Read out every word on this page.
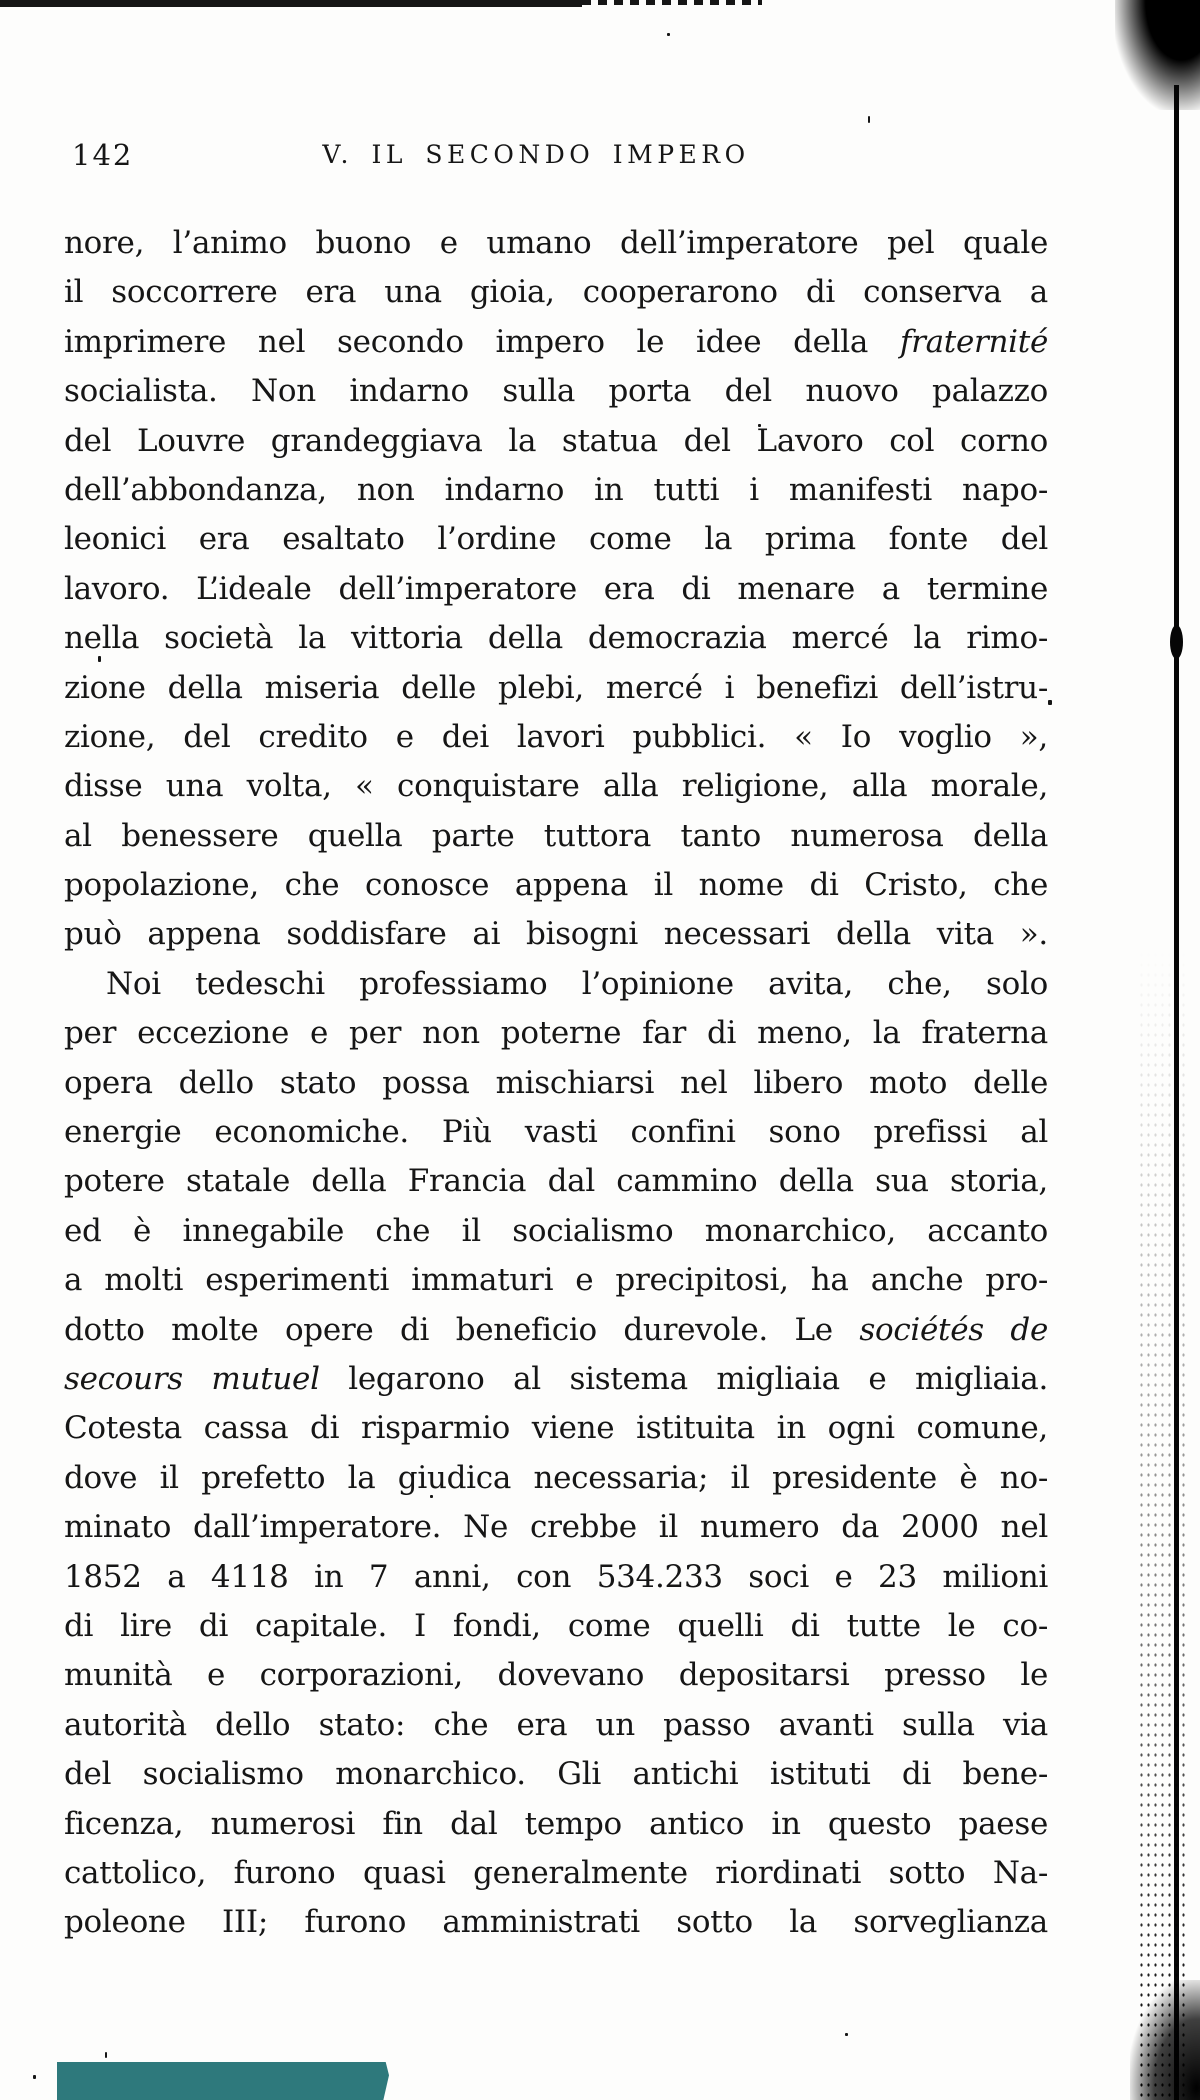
142	V. IL SECONDO IMPERO
nore, l’animo buono e umano dell’imperatore pel quale
il soccorrere era una gioia, cooperarono di conserva a
imprimere nel secondo impero le idee della fraternité
socialista. Non indarno sulla porta del nuovo palazzo
del Louvre grandeggiava la statua del Lavoro col corno
dell’abbondanza, non indarno in tutti i manifesti napo-
leonici era esaltato l’ordine come la prima fonte del
lavoro. L’ideale dell’imperatore era di menare a termine
nella società la vittoria della democrazia mercé la rimo-
zione della miseria delle plebi, mercé i benefizi dell’istru-
zione, del credito e dei lavori pubblici. « Io voglio »,
disse una volta, « conquistare alla religione, alla morale,
al benessere quella parte tuttora tanto numerosa della
popolazione, che conosce appena il nome di Cristo, che
può appena soddisfare ai bisogni necessari della vita ».
Noi tedeschi professiamo l’opinione avita, che, solo
per eccezione e per non poterne far di meno, la fraterna
opera dello stato possa mischiarsi nel libero moto delle
energie economiche. Più vasti confini sono prefissi al
potere statale della Francia dal cammino della sua storia,
ed è innegabile che il socialismo monarchico, accanto
a molti esperimenti immaturi e precipitosi, ha anche pro-
dotto molte opere di beneficio durevole. Le sociétés de
secours mutuel legarono al sistema migliaia e migliaia.
Cotesta cassa di risparmio viene istituita in ogni comune,
dove il prefetto la giudica necessaria; il presidente è no-
minato dall’imperatore. Ne crebbe il numero da 2000 nel
1852 a 4118 in 7 anni, con 534.233 soci e 23 milioni
di lire di capitale. I fondi, come quelli di tutte le co-
munità e corporazioni, dovevano depositarsi presso le
autorità dello stato: che era un passo avanti sulla via
del socialismo monarchico. Gli antichi istituti di bene-
ficenza, numerosi fin dal tempo antico in questo paese
cattolico, furono quasi generalmente riordinati sotto Na-
poleone III; furono amministrati sotto la sorveglianza
